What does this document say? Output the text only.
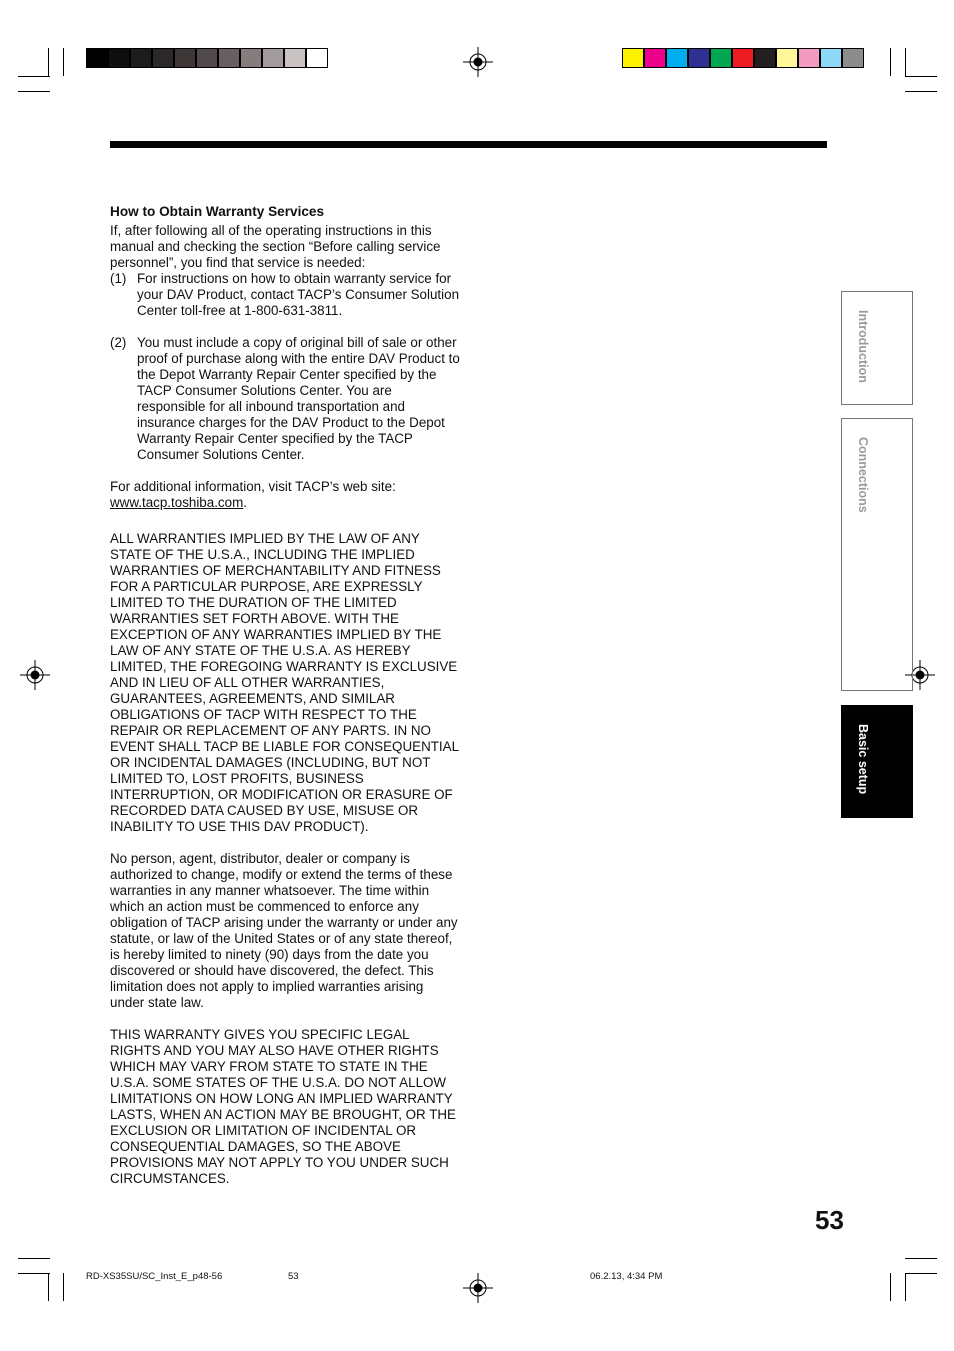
How to Obtain Warranty Services

If, after following all of the operating instructions in this manual and checking the section “Before calling service personnel”, you find that service is needed:

(1) For instructions on how to obtain warranty service for your DAV Product, contact TACP’s Consumer Solution Center toll-free at 1-800-631-3811.
(2) You must include a copy of original bill of sale or other proof of purchase along with the entire DAV Product to the Depot Warranty Repair Center specified by the TACP Consumer Solutions Center. You are responsible for all inbound transportation and insurance charges for the DAV Product to the Depot Warranty Repair Center specified by the TACP Consumer Solutions Center.

For additional information, visit TACP’s web site:
www.tacp.toshiba.com.

ALL WARRANTIES IMPLIED BY THE LAW OF ANY STATE OF THE U.S.A., INCLUDING THE IMPLIED WARRANTIES OF MERCHANTABILITY AND FITNESS FOR A PARTICULAR PURPOSE, ARE EXPRESSLY LIMITED TO THE DURATION OF THE LIMITED WARRANTIES SET FORTH ABOVE. WITH THE EXCEPTION OF ANY WARRANTIES IMPLIED BY THE LAW OF ANY STATE OF THE U.S.A. AS HEREBY LIMITED, THE FOREGOING WARRANTY IS EXCLUSIVE AND IN LIEU OF ALL OTHER WARRANTIES, GUARANTEES, AGREEMENTS, AND SIMILAR OBLIGATIONS OF TACP WITH RESPECT TO THE REPAIR OR REPLACEMENT OF ANY PARTS. IN NO EVENT SHALL TACP BE LIABLE FOR CONSEQUENTIAL OR INCIDENTAL DAMAGES (INCLUDING, BUT NOT LIMITED TO, LOST PROFITS, BUSINESS INTERRUPTION, OR MODIFICATION OR ERASURE OF RECORDED DATA CAUSED BY USE, MISUSE OR INABILITY TO USE THIS DAV PRODUCT).

No person, agent, distributor, dealer or company is authorized to change, modify or extend the terms of these warranties in any manner whatsoever. The time within which an action must be commenced to enforce any obligation of TACP arising under the warranty or under any statute, or law of the United States or of any state thereof, is hereby limited to ninety (90) days from the date you discovered or should have discovered, the defect. This limitation does not apply to implied warranties arising under state law.

THIS WARRANTY GIVES YOU SPECIFIC LEGAL RIGHTS AND YOU MAY ALSO HAVE OTHER RIGHTS WHICH MAY VARY FROM STATE TO STATE IN THE U.S.A. SOME STATES OF THE U.S.A. DO NOT ALLOW LIMITATIONS ON HOW LONG AN IMPLIED WARRANTY LASTS, WHEN AN ACTION MAY BE BROUGHT, OR THE EXCLUSION OR LIMITATION OF INCIDENTAL OR CONSEQUENTIAL DAMAGES, SO THE ABOVE PROVISIONS MAY NOT APPLY TO YOU UNDER SUCH CIRCUMSTANCES.

Introduction
Connections
Basic setup
53
RD-XS35SU/SC_Inst_E_p48-56	53	06.2.13, 4:34 PM
